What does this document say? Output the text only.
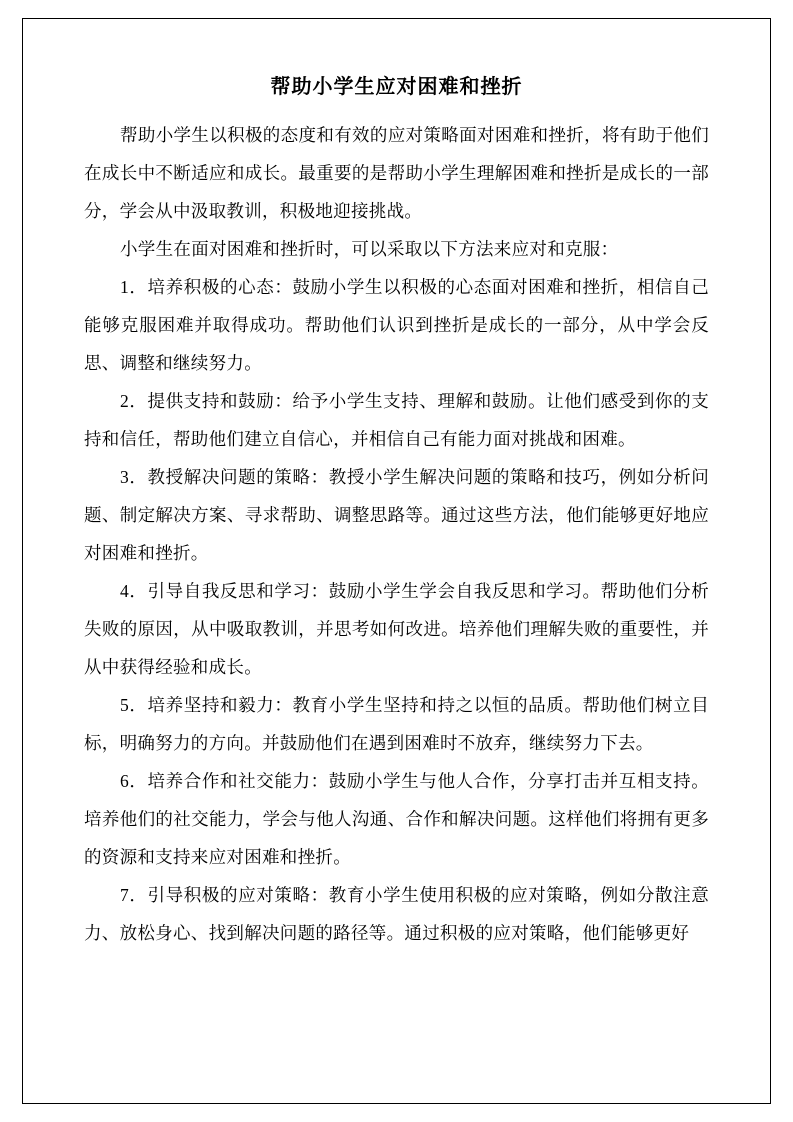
帮助小学生应对困难和挫折

帮助小学生以积极的态度和有效的应对策略面对困难和挫折，将有助于他们在成长中不断适应和成长。最重要的是帮助小学生理解困难和挫折是成长的一部分，学会从中汲取教训，积极地迎接挑战。

小学生在面对困难和挫折时，可以采取以下方法来应对和克服：

1．培养积极的心态：鼓励小学生以积极的心态面对困难和挫折，相信自己能够克服困难并取得成功。帮助他们认识到挫折是成长的一部分，从中学会反思、调整和继续努力。

2．提供支持和鼓励：给予小学生支持、理解和鼓励。让他们感受到你的支持和信任，帮助他们建立自信心，并相信自己有能力面对挑战和困难。

3．教授解决问题的策略：教授小学生解决问题的策略和技巧，例如分析问题、制定解决方案、寻求帮助、调整思路等。通过这些方法，他们能够更好地应对困难和挫折。

4．引导自我反思和学习：鼓励小学生学会自我反思和学习。帮助他们分析失败的原因，从中吸取教训，并思考如何改进。培养他们理解失败的重要性，并从中获得经验和成长。

5．培养坚持和毅力：教育小学生坚持和持之以恒的品质。帮助他们树立目标，明确努力的方向。并鼓励他们在遇到困难时不放弃，继续努力下去。

6．培养合作和社交能力：鼓励小学生与他人合作，分享打击并互相支持。培养他们的社交能力，学会与他人沟通、合作和解决问题。这样他们将拥有更多的资源和支持来应对困难和挫折。

7．引导积极的应对策略：教育小学生使用积极的应对策略，例如分散注意力、放松身心、找到解决问题的路径等。通过积极的应对策略，他们能够更好
